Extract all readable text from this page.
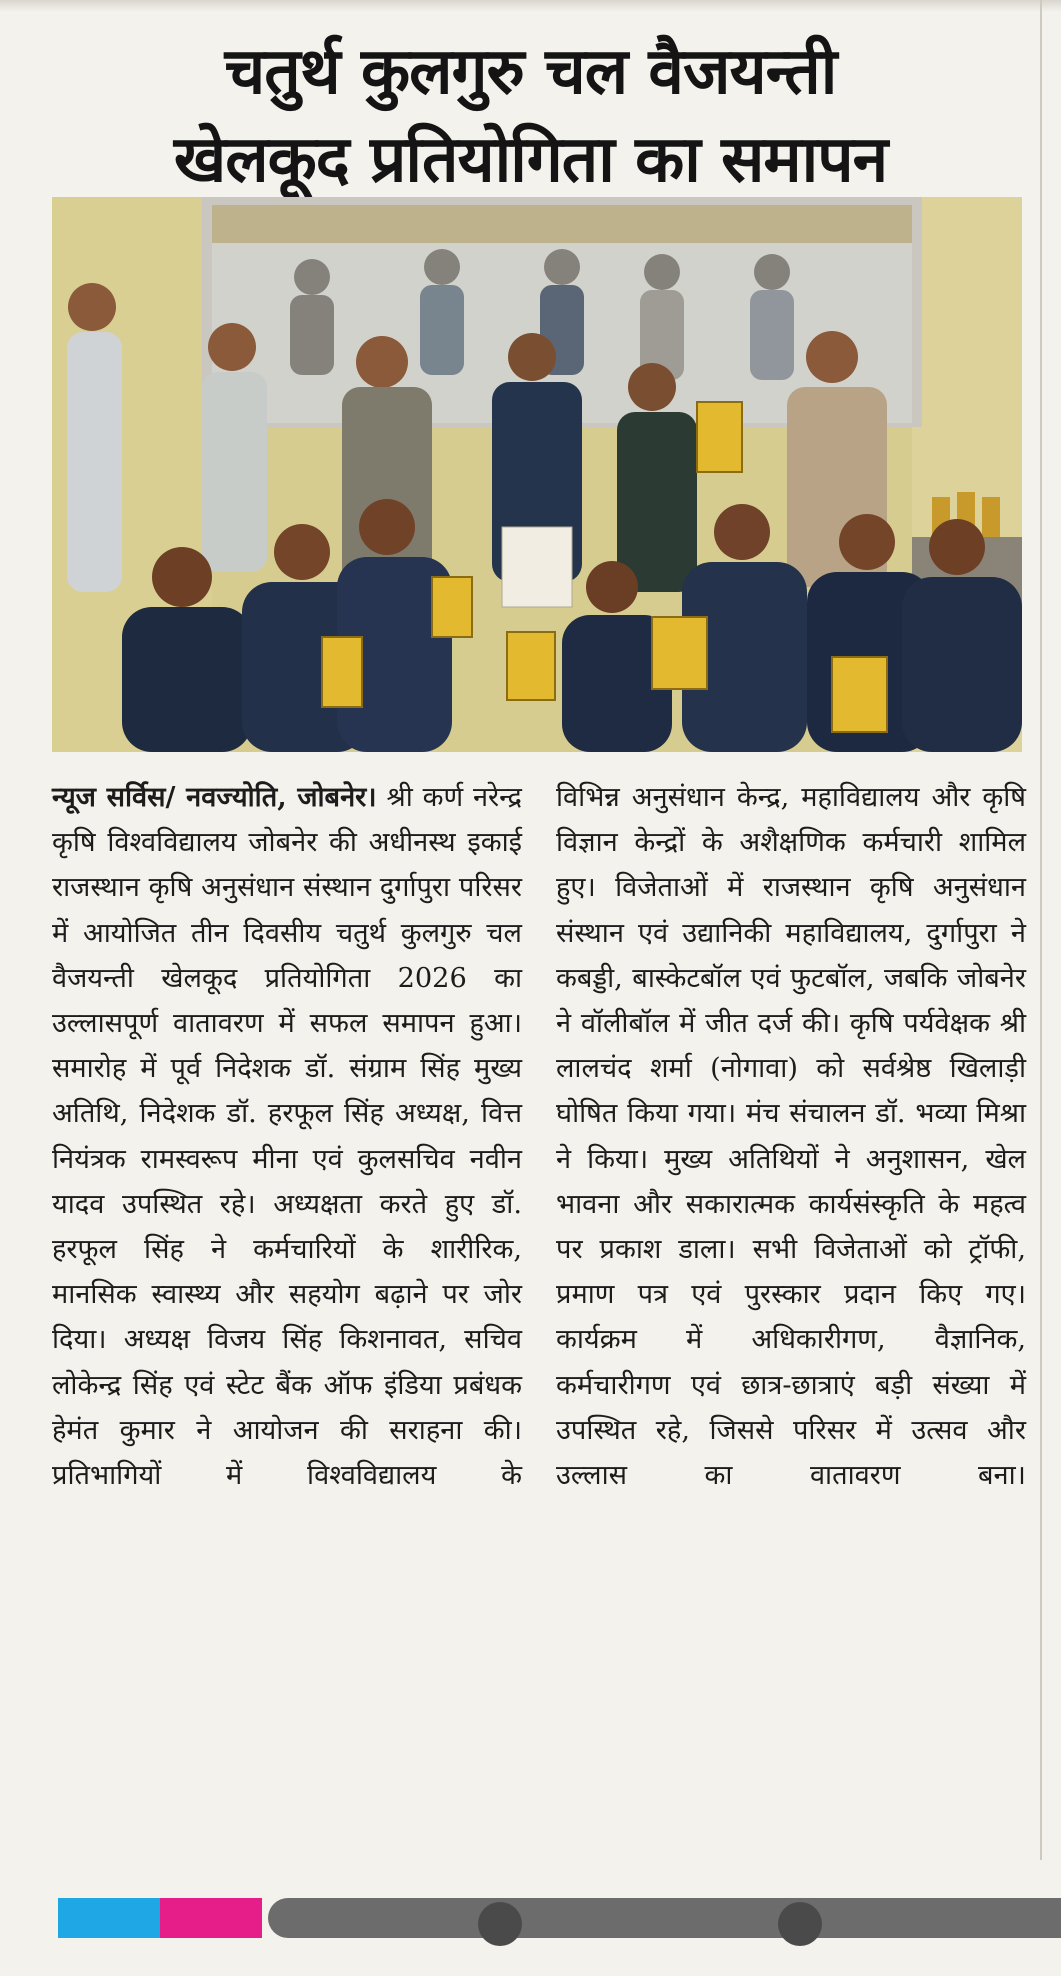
चतुर्थ कुलगुरु चल वैजयन्ती
खेलकूद प्रतियोगिता का समापन
न्यूज सर्विस/ नवज्योति, जोबनेर। श्री कर्ण नरेन्द्र कृषि विश्वविद्यालय जोबनेर की अधीनस्थ इकाई राजस्थान कृषि अनुसंधान संस्थान दुर्गापुरा परिसर में आयोजित तीन दिवसीय चतुर्थ कुलगुरु चल वैजयन्ती खेलकूद प्रतियोगिता 2026 का उल्लासपूर्ण वातावरण में सफल समापन हुआ। समारोह में पूर्व निदेशक डॉ. संग्राम सिंह मुख्य अतिथि, निदेशक डॉ. हरफूल सिंह अध्यक्ष, वित्त नियंत्रक रामस्वरूप मीना एवं कुलसचिव नवीन यादव उपस्थित रहे। अध्यक्षता करते हुए डॉ. हरफूल सिंह ने कर्मचारियों के शारीरिक, मानसिक स्वास्थ्य और सहयोग बढ़ाने पर जोर दिया। अध्यक्ष विजय सिंह किशनावत, सचिव लोकेन्द्र सिंह एवं स्टेट बैंक ऑफ इंडिया प्रबंधक हेमंत कुमार ने आयोजन की सराहना की। प्रतिभागियों में विश्वविद्यालय के
विभिन्न अनुसंधान केन्द्र, महाविद्यालय और कृषि विज्ञान केन्द्रों के अशैक्षणिक कर्मचारी शामिल हुए। विजेताओं में राजस्थान कृषि अनुसंधान संस्थान एवं उद्यानिकी महाविद्यालय, दुर्गापुरा ने कबड्डी, बास्केटबॉल एवं फुटबॉल, जबकि जोबनेर ने वॉलीबॉल में जीत दर्ज की। कृषि पर्यवेक्षक श्री लालचंद शर्मा (नोगावा) को सर्वश्रेष्ठ खिलाड़ी घोषित किया गया। मंच संचालन डॉ. भव्या मिश्रा ने किया। मुख्य अतिथियों ने अनुशासन, खेल भावना और सकारात्मक कार्यसंस्कृति के महत्व पर प्रकाश डाला। सभी विजेताओं को ट्रॉफी, प्रमाण पत्र एवं पुरस्कार प्रदान किए गए। कार्यक्रम में अधिकारीगण, वैज्ञानिक, कर्मचारीगण एवं छात्र-छात्राएं बड़ी संख्या में उपस्थित रहे, जिससे परिसर में उत्सव और उल्लास का वातावरण बना।
